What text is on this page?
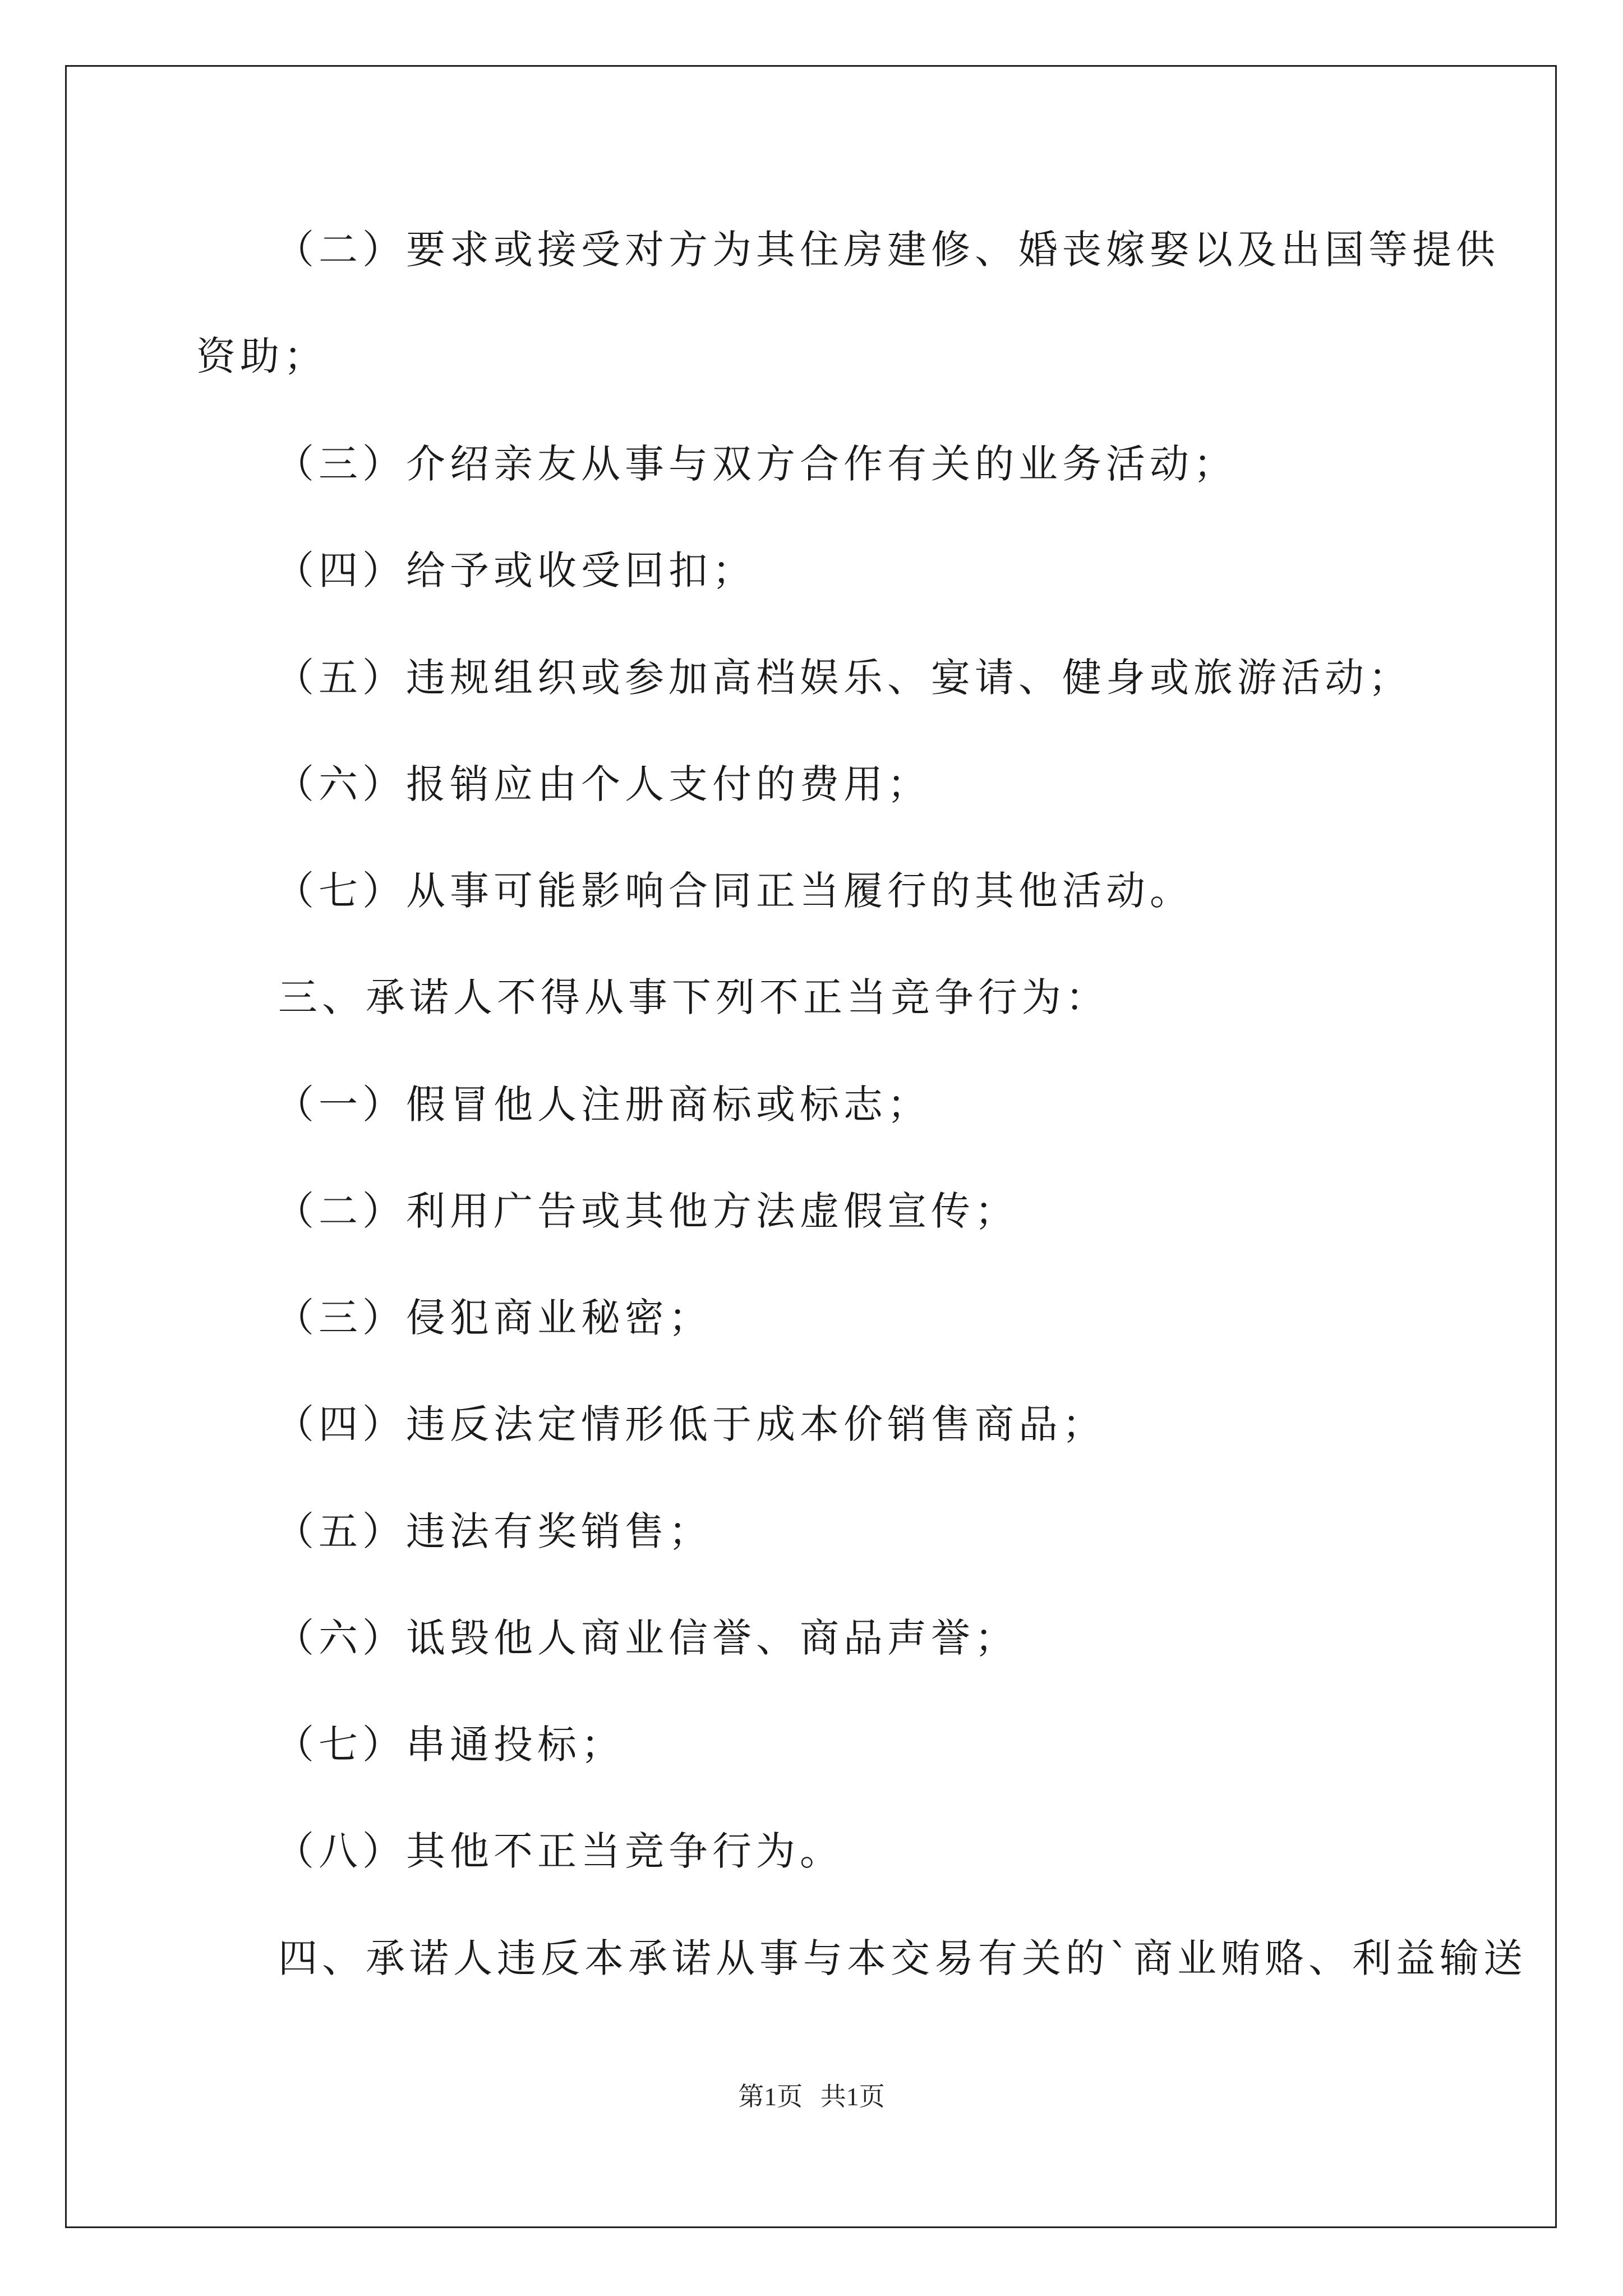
（二）要求或接受对方为其住房建修、婚丧嫁娶以及出国等提供
资助；
（三）介绍亲友从事与双方合作有关的业务活动；
（四）给予或收受回扣；
（五）违规组织或参加高档娱乐、宴请、健身或旅游活动；
（六）报销应由个人支付的费用；
（七）从事可能影响合同正当履行的其他活动。
三、承诺人不得从事下列不正当竞争行为：
（一）假冒他人注册商标或标志；
（二）利用广告或其他方法虚假宣传；
（三）侵犯商业秘密；
（四）违反法定情形低于成本价销售商品；
（五）违法有奖销售；
（六）诋毁他人商业信誉、商品声誉；
（七）串通投标；
（八）其他不正当竞争行为。
四、承诺人违反本承诺从事与本交易有关的`商业贿赂、利益输送
第1页 共1页
